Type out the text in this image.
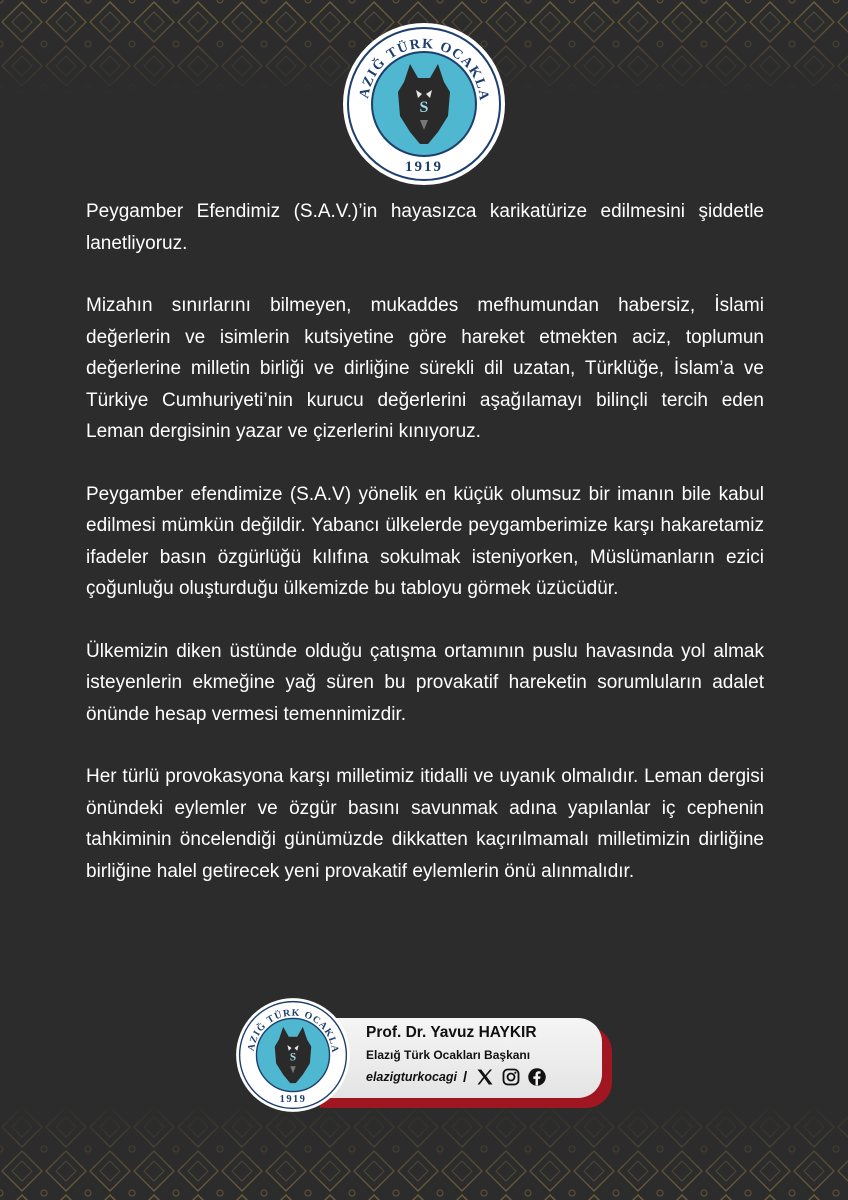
AZIĞ TÜRK OCAKLA
S
1919

Peygamber Efendimiz (S.A.V.)’in hayasızca karikatürize edilmesini şiddetle lanetliyoruz.

Mizahın sınırlarını bilmeyen, mukaddes mefhumundan habersiz, İslami değerlerin ve isimlerin kutsiyetine göre hareket etmekten aciz, toplumun değerlerine milletin birliği ve dirliğine sürekli dil uzatan, Türklüğe, İslam’a ve Türkiye Cumhuriyeti’nin kurucu değerlerini aşağılamayı bilinçli tercih eden Leman dergisinin yazar ve çizerlerini kınıyoruz.

Peygamber efendimize (S.A.V) yönelik en küçük olumsuz bir imanın bile kabul edilmesi mümkün değildir. Yabancı ülkelerde peygamberimize karşı hakaretamiz ifadeler basın özgürlüğü kılıfına sokulmak isteniyorken, Müslümanların ezici çoğunluğu oluşturduğu ülkemizde bu tabloyu görmek üzücüdür.

Ülkemizin diken üstünde olduğu çatışma ortamının puslu havasında yol almak isteyenlerin ekmeğine yağ süren bu provakatif hareketin sorumluların adalet önünde hesap vermesi temennimizdir.

Her türlü provokasyona karşı milletimiz itidalli ve uyanık olmalıdır. Leman dergisi önündeki eylemler ve özgür basını savunmak adına yapılanlar iç cephenin tahkiminin öncelendiği günümüzde dikkatten kaçırılmamalı milletimizin dirliğine birliğine halel getirecek yeni provakatif eylemlerin önü alınmalıdır.

AZIĞ TÜRK OCAKLA
S
1919
Prof. Dr. Yavuz HAYKIR
Elazığ Türk Ocakları Başkanı
elazigturkocagi /
